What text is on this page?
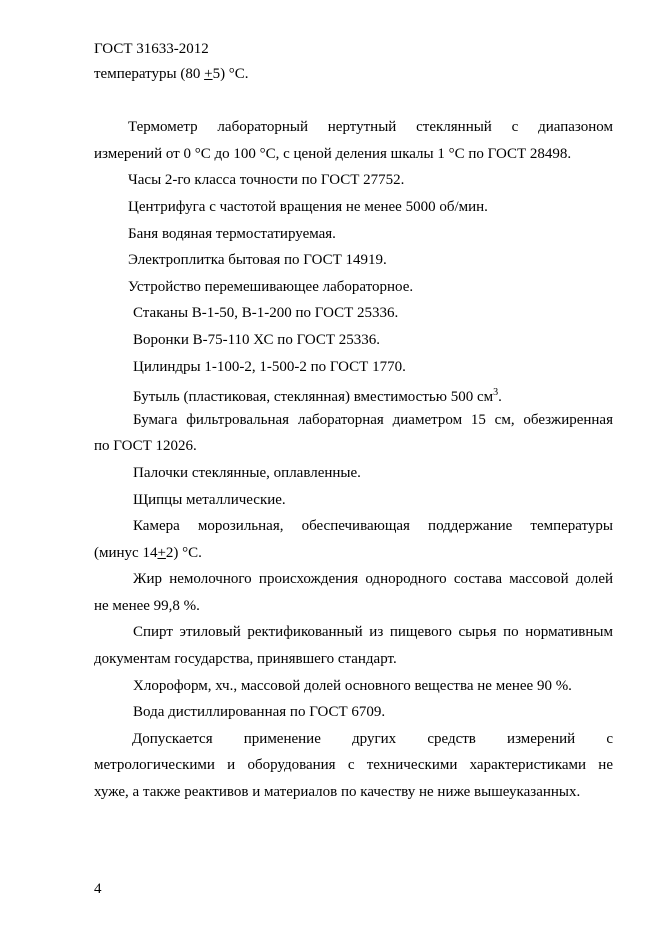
ГОСТ 31633-2012
температуры (80 +5) °С.
Термометр лабораторный нертутный стеклянный с диапазоном
измерений от 0 °С до 100 °С, с ценой деления шкалы 1 °С по ГОСТ 28498.
Часы 2-го класса точности по ГОСТ 27752.
Центрифуга с частотой вращения не менее 5000 об/мин.
Баня водяная термостатируемая.
Электроплитка бытовая по ГОСТ 14919.
Устройство перемешивающее лабораторное.
Стаканы В-1-50, В-1-200 по ГОСТ 25336.
Воронки В-75-110 ХС по ГОСТ 25336.
Цилиндры 1-100-2, 1-500-2 по ГОСТ 1770.
Бутыль (пластиковая, стеклянная) вместимостью 500 $см^3$.
Бумага фильтровальная лабораторная диаметром 15 см, обезжиренная
по ГОСТ 12026.
Палочки стеклянные, оплавленные.
Щипцы металлические.
Камера морозильная, обеспечивающая поддержание температуры
(минус 14+2) °С.
Жир немолочного происхождения однородного состава массовой долей
не менее 99,8 %.
Спирт этиловый ректификованный из пищевого сырья по нормативным
документам государства, принявшего стандарт.
Хлороформ, хч., массовой долей основного вещества не менее 90 %.
Вода дистиллированная по ГОСТ 6709.
Допускается применение других средств измерений с
метрологическими и оборудования с техническими характеристиками не
хуже, а также реактивов и материалов по качеству не ниже вышеуказанных.
4
